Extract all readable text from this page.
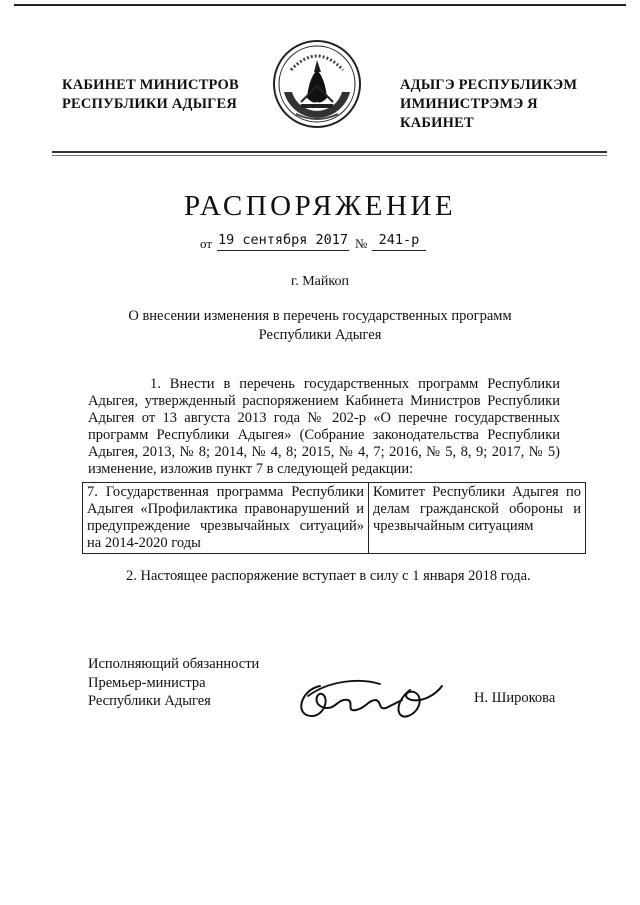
КАБИНЕТ МИНИСТРОВ
РЕСПУБЛИКИ АДЫГЕЯ
АДЫГЭ РЕСПУБЛИКЭМ
ИМИНИСТРЭМЭ Я КАБИНЕТ
РАСПОРЯЖЕНИЕ
от 19 сентября 2017 № 241-р
г. Майкоп
О внесении изменения в перечень государственных программ Республики Адыгея
1. Внести в перечень государственных программ Республики Адыгея, утвержденный распоряжением Кабинета Министров Республики Адыгея от 13 августа 2013 года № 202-р «О перечне государственных программ Республики Адыгея» (Собрание законодательства Республики Адыгея, 2013, № 8; 2014, № 4, 8; 2015, № 4, 7; 2016, № 5, 8, 9; 2017, № 5) изменение, изложив пункт 7 в следующей редакции:
7. Государственная программа Республики Адыгея «Профилактика правонарушений и предупреждение чрезвычайных ситуаций» на 2014-2020 годы	Комитет Республики Адыгея по делам гражданской обороны и чрезвычайным ситуациям
2. Настоящее распоряжение вступает в силу с 1 января 2018 года.
Исполняющий обязанности
Премьер-министра
Республики Адыгея	Н. Широкова
